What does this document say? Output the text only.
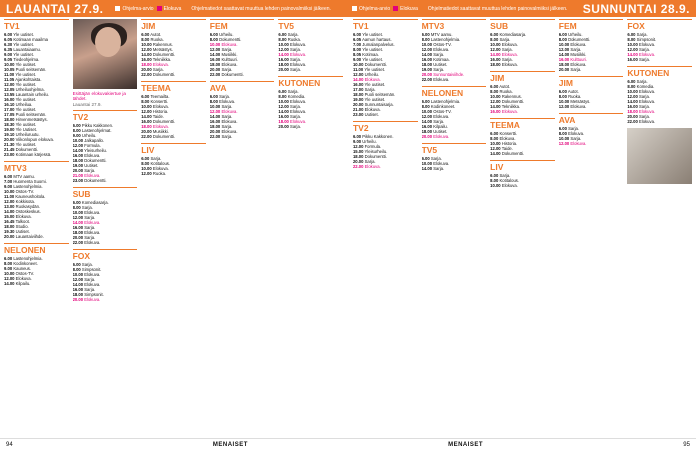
LAUANTAI 27.9.	Ohjelma-arvio Elokuva Ohjelmatiedot saattavat muuttua lehden painovalmiiksi jälkeen.	Ohjelma-arvio Elokuva Ohjelmatiedot saattavat muuttua lehden painovalmiiksi jälkeen.	SUNNUNTAI 28.9.
TV1
6.00 Yle uutiset.
6.05 Kotimaan maailma
6.30 Yle uutiset.
6.35 Lauantaiaamu.
9.00 Yle uutiset.
9.05 Tiedeohjelma.
10.00 Yle uutiset.
10.05 Puoli seitsemän.
11.00 Yle uutiset.
11.05 Ajankohtaista.
12.00 Yle uutiset.
12.05 Urheiluohjelma.
13.55 Lauantain urheilu.
16.00 Yle uutiset.
16.10 Urheilua.
17.00 Yle uutiset.
17.05 Puoli seitsemän.
18.00 Hirvenmetsästys.
18.30 Yle uutiset.
19.00 Yle Uutiset.
19.10 Urheiluruutu.
20.00 Viikonlopun elokuva.
21.30 Yle uutiset.
21.45 Dokumentti.
23.00 Kotimaan kärjessä.
MTV3
6.00 MTV aamu.
7.00 Huomenta Suomi.
9.00 Lastenohjelmia.
10.00 Ostos-TV.
11.00 Kauneushoitola.
12.00 Kokkisota.
13.00 Ruokasydän.
14.00 Ostoskeskus.
15.00 Elokuva.
16.45 Talkoot.
18.00 Studio.
19.30 Uutiset.
20.00 Lauantaiviihde.
NELONEN
6.00 Lastenohjelmia.
8.00 Kodinkoneet.
9.00 Kauneus.
10.00 Ostos-TV.
12.00 Elokuva.
14.00 Kilpailu.
Esittäjän elokuvakiertue ja tähdet.
Lauantai 27.9.
TV2
6.00 Pikku Kakkonen.
8.00 Lastenohjelmat.
9.00 Urheilu.
10.00 Jalkapallo.
12.00 Formula.
14.00 Yleisurheilu.
16.00 Elokuva.
18.00 Dokumentti.
19.00 Uutiset.
20.00 Sarja.
21.00 Elokuva.
23.00 Dokumentti.
SUB
6.00 Komediasarja.
8.00 Sarja.
10.00 Elokuva.
12.00 Sarja.
14.00 Elokuva.
16.00 Sarja.
18.00 Elokuva.
20.00 Sarja.
22.00 Elokuva.
FOX
6.00 Sarja.
8.00 Simpsonit.
10.00 Elokuva.
12.00 Sarja.
14.00 Elokuva.
16.00 Sarja.
18.00 Simpsonit.
20.00 Elokuva.
JIM
6.00 Autot.
8.00 Ruoka.
10.00 Rakennus.
12.00 Metsästys.
14.00 Dokumentti.
16.00 Tekniikka.
18.00 Elokuva.
20.00 Sarja.
22.00 Dokumentti.
TEEMA
6.00 Teemailta.
8.00 Konsertti.
10.00 Elokuva.
12.00 Historia.
14.00 Taide.
16.00 Dokumentti.
18.00 Elokuva.
20.00 Musiikki.
22.00 Dokumentti.
LIV
6.00 Sarja.
8.00 Kotitalous.
10.00 Elokuva.
12.00 Ruoka.
FEM
6.00 Urheilu.
8.00 Dokumentti.
10.00 Elokuva.
12.00 Sarja.
14.00 Musiikki.
16.00 Kulttuuri.
18.00 Elokuva.
20.00 Sarja.
22.00 Dokumentti.
AVA
6.00 Sarja.
8.00 Elokuva.
10.00 Sarja.
12.00 Elokuva.
14.00 Sarja.
16.00 Elokuva.
18.00 Sarja.
20.00 Elokuva.
22.00 Sarja.
TV5
6.00 Sarja.
8.00 Ruoka.
10.00 Elokuva.
12.00 Sarja.
14.00 Elokuva.
16.00 Sarja.
18.00 Elokuva.
20.00 Sarja.
KUTONEN
6.00 Sarja.
8.00 Komedia.
10.00 Elokuva.
12.00 Sarja.
14.00 Elokuva.
16.00 Sarja.
18.00 Elokuva.
20.00 Sarja.
TV1
6.00 Yle uutiset.
6.05 Aamun hartaus.
7.00 Jumalanpalvelus.
8.00 Yle uutiset.
8.05 Kotimaa.
9.00 Yle uutiset.
10.00 Dokumentti.
11.00 Yle uutiset.
12.00 Urheilu.
14.00 Elokuva.
16.00 Yle uutiset.
17.00 Sarja.
18.00 Puoli seitsemän.
19.00 Yle uutiset.
20.00 Sunnuntaisarja.
21.00 Elokuva.
23.00 Uutiset.
TV2
6.00 Pikku Kakkonen.
9.00 Urheilu.
12.00 Formula.
15.00 Yleisurheilu.
18.00 Dokumentti.
20.00 Sarja.
22.00 Elokuva.
MTV3
6.00 MTV aamu.
8.00 Lastenohjelmia.
10.00 Ostos-TV.
12.00 Elokuva.
14.00 Sarja.
16.00 Kotimaa.
18.00 Uutiset.
19.00 Sarja.
20.00 Sunnuntaiviihde.
22.00 Elokuva.
NELONEN
6.00 Lastenohjelmia.
8.00 Kodinkoneet.
10.00 Ostos-TV.
12.00 Elokuva.
14.00 Sarja.
16.00 Kilpailu.
18.00 Uutiset.
20.00 Elokuva.
TV5
6.00 Sarja.
10.00 Elokuva.
14.00 Sarja.
SUB
6.00 Komediasarja.
8.00 Sarja.
10.00 Elokuva.
12.00 Sarja.
14.00 Elokuva.
16.00 Sarja.
18.00 Elokuva.
JIM
6.00 Autot.
8.00 Ruoka.
10.00 Rakennus.
12.00 Dokumentti.
14.00 Tekniikka.
16.00 Elokuva.
TEEMA
6.00 Konsertti.
8.00 Elokuva.
10.00 Historia.
12.00 Taide.
14.00 Dokumentti.
LIV
6.00 Sarja.
8.00 Kotitalous.
10.00 Elokuva.
FEM
6.00 Urheilu.
8.00 Dokumentti.
10.00 Elokuva.
12.00 Sarja.
14.00 Musiikki.
16.00 Kulttuuri.
18.00 Elokuva.
20.00 Sarja.
JIM
6.00 Autot.
8.00 Ruoka.
10.00 Metsästys.
12.00 Elokuva.
AVA
6.00 Sarja.
8.00 Elokuva.
10.00 Sarja.
12.00 Elokuva.
FOX
6.00 Sarja.
8.00 Simpsonit.
10.00 Elokuva.
12.00 Sarja.
14.00 Elokuva.
16.00 Sarja.
KUTONEN
6.00 Sarja.
8.00 Komedia.
10.00 Elokuva.
12.00 Sarja.
14.00 Elokuva.
16.00 Sarja.
18.00 Elokuva.
20.00 Sarja.
22.00 Elokuva.
94	MENAISET	MENAISET	95
